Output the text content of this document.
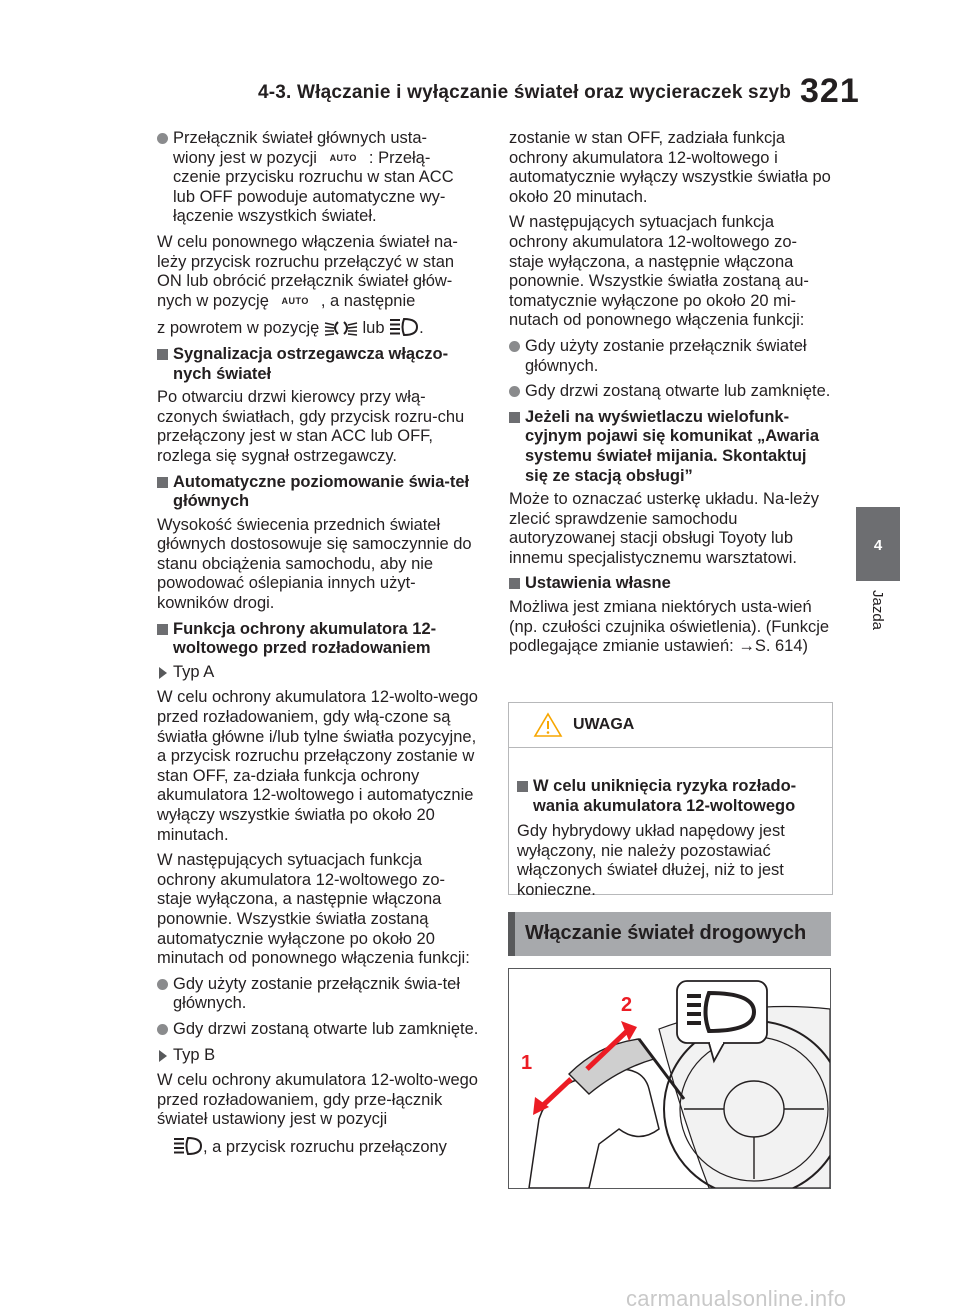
4-3. Włączanie i wyłączanie świateł oraz wycieraczek szyb 321
4
Jazda
Przełącznik świateł głównych usta-
wiony jest w pozycji AUTO : Przełą- czenie przycisku rozruchu w stan ACC lub OFF powoduje automatyczne wy-łączenie wszystkich świateł.

W celu ponownego włączenia świateł na-leży przycisk rozruchu przełączyć w stan ON lub obrócić przełącznik świateł głów-nych w pozycję AUTO , a następnie

z powrotem w pozycję	lub .

Sygnalizacja ostrzegawcza włączo-nych świateł

Po otwarciu drzwi kierowcy przy włą-czonych światłach, gdy przycisk rozru-chu przełączony jest w stan ACC lub OFF, rozlega się sygnał ostrzegawczy.

Automatyczne poziomowanie świa-teł głównych

Wysokość świecenia przednich świateł głównych dostosowuje się samoczynnie do stanu obciążenia samochodu, aby nie powodować oślepiania innych użyt-kowników drogi.

Funkcja ochrony akumulatora 12-woltowego przed rozładowaniem
Typ A

W celu ochrony akumulatora 12-wolto-wego przed rozładowaniem, gdy włą-czone są światła główne i/lub tylne światła pozycyjne, a przycisk rozruchu przełączony zostanie w stan OFF, za-działa funkcja ochrony akumulatora 12-woltowego i automatycznie wyłączy wszystkie światła po około 20 minutach.

W następujących sytuacjach funkcja ochrony akumulatora 12-woltowego zo-staje wyłączona, a następnie włączona ponownie. Wszystkie światła zostaną automatycznie wyłączone po około 20 minutach od ponownego włączenia funkcji:

Gdy użyty zostanie przełącznik świa-teł głównych.
Gdy drzwi zostaną otwarte lub zamknięte.
Typ B

W celu ochrony akumulatora 12-wolto-wego przed rozładowaniem, gdy prze-łącznik świateł ustawiony jest w pozycji

, a przycisk rozruchu przełączony

zostanie w stan OFF, zadziała funkcja ochrony akumulatora 12-woltowego i automatycznie wyłączy wszystkie światła po około 20 minutach.

W następujących sytuacjach funkcja ochrony akumulatora 12-woltowego zo-staje wyłączona, a następnie włączona ponownie. Wszystkie światła zostaną au-tomatycznie wyłączone po około 20 mi-nutach od ponownego włączenia funkcji:

Gdy użyty zostanie przełącznik świateł głównych.
Gdy drzwi zostaną otwarte lub zamknięte.
Jeżeli na wyświetlaczu wielofunk-cyjnym pojawi się komunikat „Awaria systemu świateł mijania. Skontaktuj się ze stacją obsługi”

Może to oznaczać usterkę układu. Na-leży zlecić sprawdzenie samochodu autoryzowanej stacji obsługi Toyoty lub innemu specjalistycznemu warsztatowi.

Ustawienia własne

Możliwa jest zmiana niektórych usta-wień (np. czułości czujnika oświetlenia). (Funkcje podlegające zmianie ustawień: →S. 614)

UWAGA
W celu uniknięcia ryzyka rozłado-wania akumulatora 12-woltowego

Gdy hybrydowy układ napędowy jest wyłączony, nie należy pozostawiać włączonych świateł dłużej, niż to jest konieczne.

Włączanie świateł drogowych
2
1
carmanualsonline.info
